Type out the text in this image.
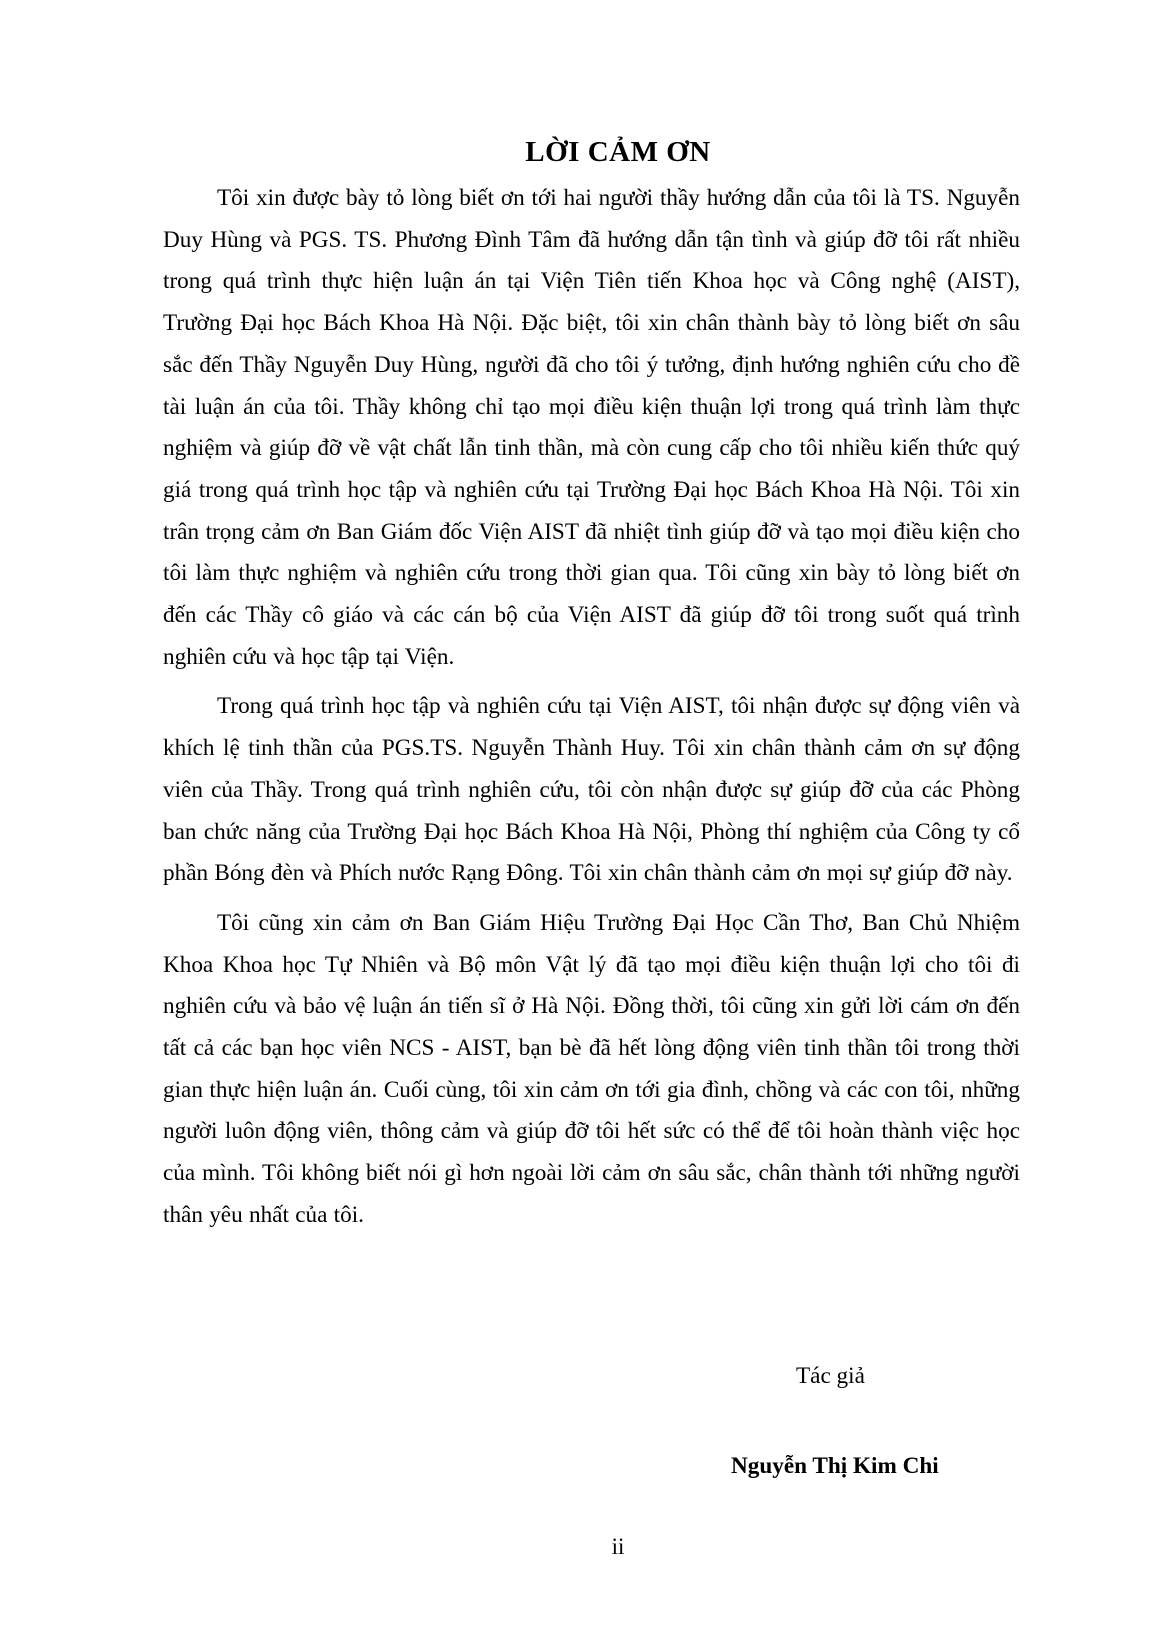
LỜI CẢM ƠN

Tôi xin được bày tỏ lòng biết ơn tới hai người thầy hướng dẫn của tôi là TS. Nguyễn Duy Hùng và PGS. TS. Phương Đình Tâm đã hướng dẫn tận tình và giúp đỡ tôi rất nhiều trong quá trình thực hiện luận án tại Viện Tiên tiến Khoa học và Công nghệ (AIST), Trường Đại học Bách Khoa Hà Nội. Đặc biệt, tôi xin chân thành bày tỏ lòng biết ơn sâu sắc đến Thầy Nguyễn Duy Hùng, người đã cho tôi ý tưởng, định hướng nghiên cứu cho đề tài luận án của tôi. Thầy không chỉ tạo mọi điều kiện thuận lợi trong quá trình làm thực nghiệm và giúp đỡ về vật chất lẫn tinh thần, mà còn cung cấp cho tôi nhiều kiến thức quý giá trong quá trình học tập và nghiên cứu tại Trường Đại học Bách Khoa Hà Nội. Tôi xin trân trọng cảm ơn Ban Giám đốc Viện AIST đã nhiệt tình giúp đỡ và tạo mọi điều kiện cho tôi làm thực nghiệm và nghiên cứu trong thời gian qua. Tôi cũng xin bày tỏ lòng biết ơn đến các Thầy cô giáo và các cán bộ của Viện AIST đã giúp đỡ tôi trong suốt quá trình nghiên cứu và học tập tại Viện.

Trong quá trình học tập và nghiên cứu tại Viện AIST, tôi nhận được sự động viên và khích lệ tinh thần của PGS.TS. Nguyễn Thành Huy. Tôi xin chân thành cảm ơn sự động viên của Thầy. Trong quá trình nghiên cứu, tôi còn nhận được sự giúp đỡ của các Phòng ban chức năng của Trường Đại học Bách Khoa Hà Nội, Phòng thí nghiệm của Công ty cổ phần Bóng đèn và Phích nước Rạng Đông. Tôi xin chân thành cảm ơn mọi sự giúp đỡ này.

Tôi cũng xin cảm ơn Ban Giám Hiệu Trường Đại Học Cần Thơ, Ban Chủ Nhiệm Khoa Khoa học Tự Nhiên và Bộ môn Vật lý đã tạo mọi điều kiện thuận lợi cho tôi đi nghiên cứu và bảo vệ luận án tiến sĩ ở Hà Nội. Đồng thời, tôi cũng xin gửi lời cám ơn đến tất cả các bạn học viên NCS - AIST, bạn bè đã hết lòng động viên tinh thần tôi trong thời gian thực hiện luận án. Cuối cùng, tôi xin cảm ơn tới gia đình, chồng và các con tôi, những người luôn động viên, thông cảm và giúp đỡ tôi hết sức có thể để tôi hoàn thành việc học của mình. Tôi không biết nói gì hơn ngoài lời cảm ơn sâu sắc, chân thành tới những người thân yêu nhất của tôi.

Tác giả

Nguyễn Thị Kim Chi

ii
